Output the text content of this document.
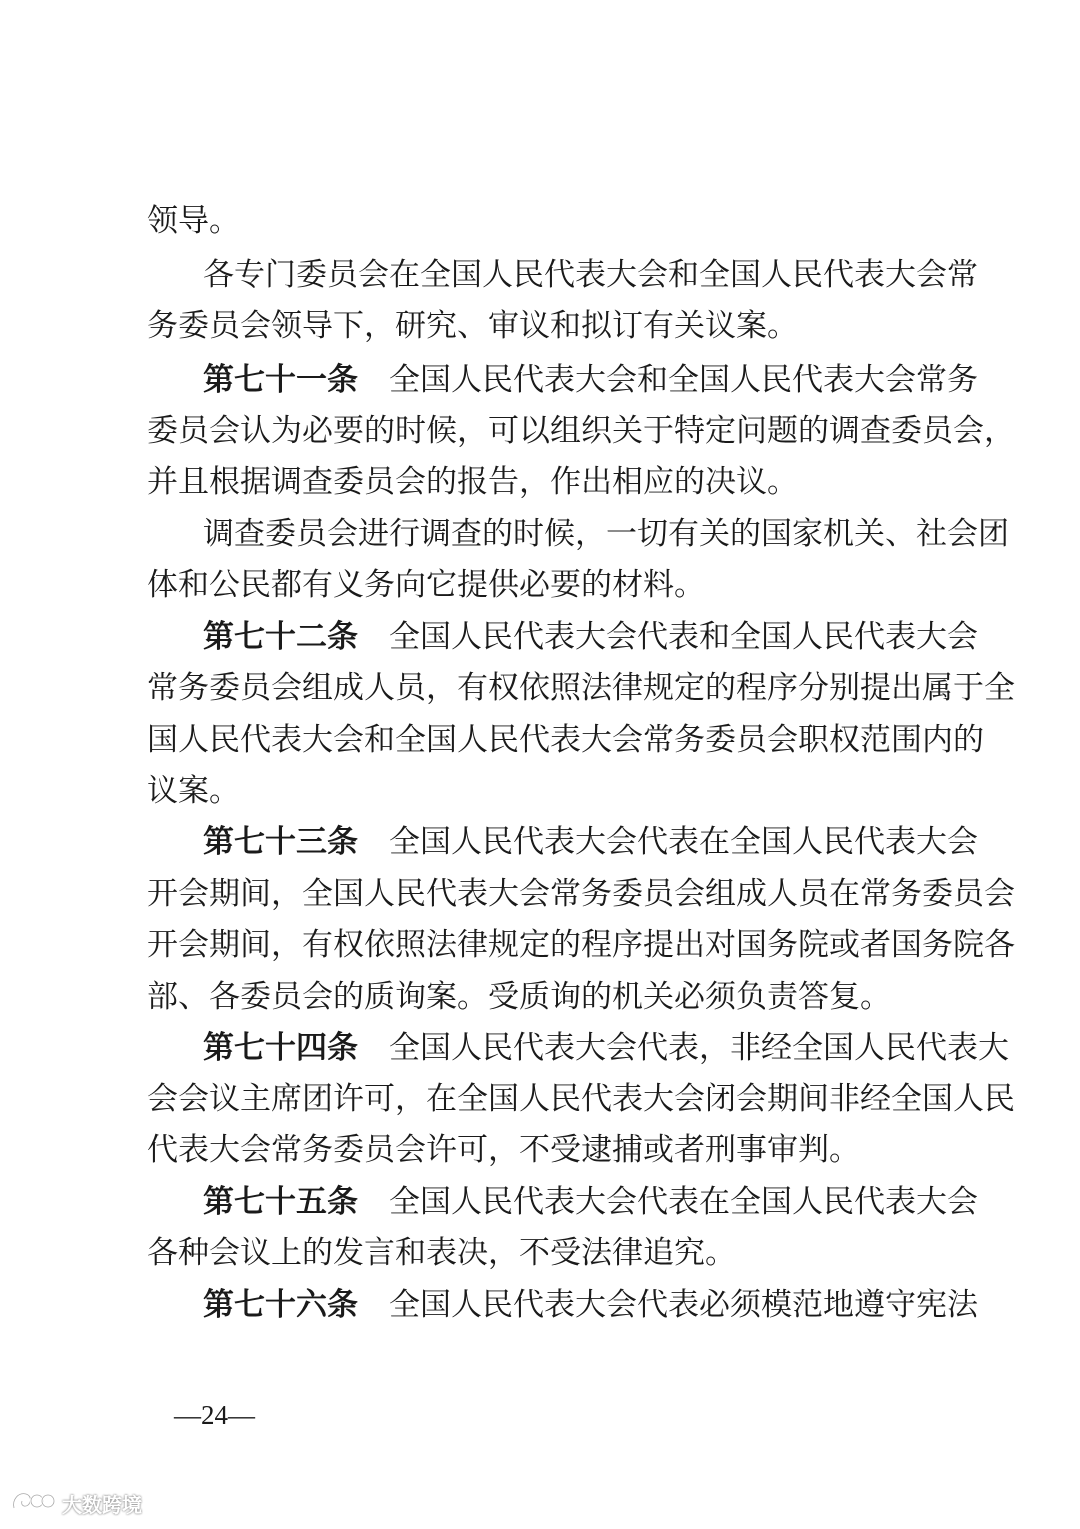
领导。
各专门委员会在全国人民代表大会和全国人民代表大会常
务委员会领导下，研究、审议和拟订有关议案。
第七十一条 全国人民代表大会和全国人民代表大会常务
委员会认为必要的时候，可以组织关于特定问题的调查委员会，
并且根据调查委员会的报告，作出相应的决议。
调查委员会进行调查的时候，一切有关的国家机关、社会团
体和公民都有义务向它提供必要的材料。
第七十二条 全国人民代表大会代表和全国人民代表大会
常务委员会组成人员，有权依照法律规定的程序分别提出属于全
国人民代表大会和全国人民代表大会常务委员会职权范围内的
议案。
第七十三条 全国人民代表大会代表在全国人民代表大会
开会期间，全国人民代表大会常务委员会组成人员在常务委员会
开会期间，有权依照法律规定的程序提出对国务院或者国务院各
部、各委员会的质询案。受质询的机关必须负责答复。
第七十四条 全国人民代表大会代表，非经全国人民代表大
会会议主席团许可，在全国人民代表大会闭会期间非经全国人民
代表大会常务委员会许可，不受逮捕或者刑事审判。
第七十五条 全国人民代表大会代表在全国人民代表大会
各种会议上的发言和表决，不受法律追究。
第七十六条 全国人民代表大会代表必须模范地遵守宪法
—24—
大数跨境
